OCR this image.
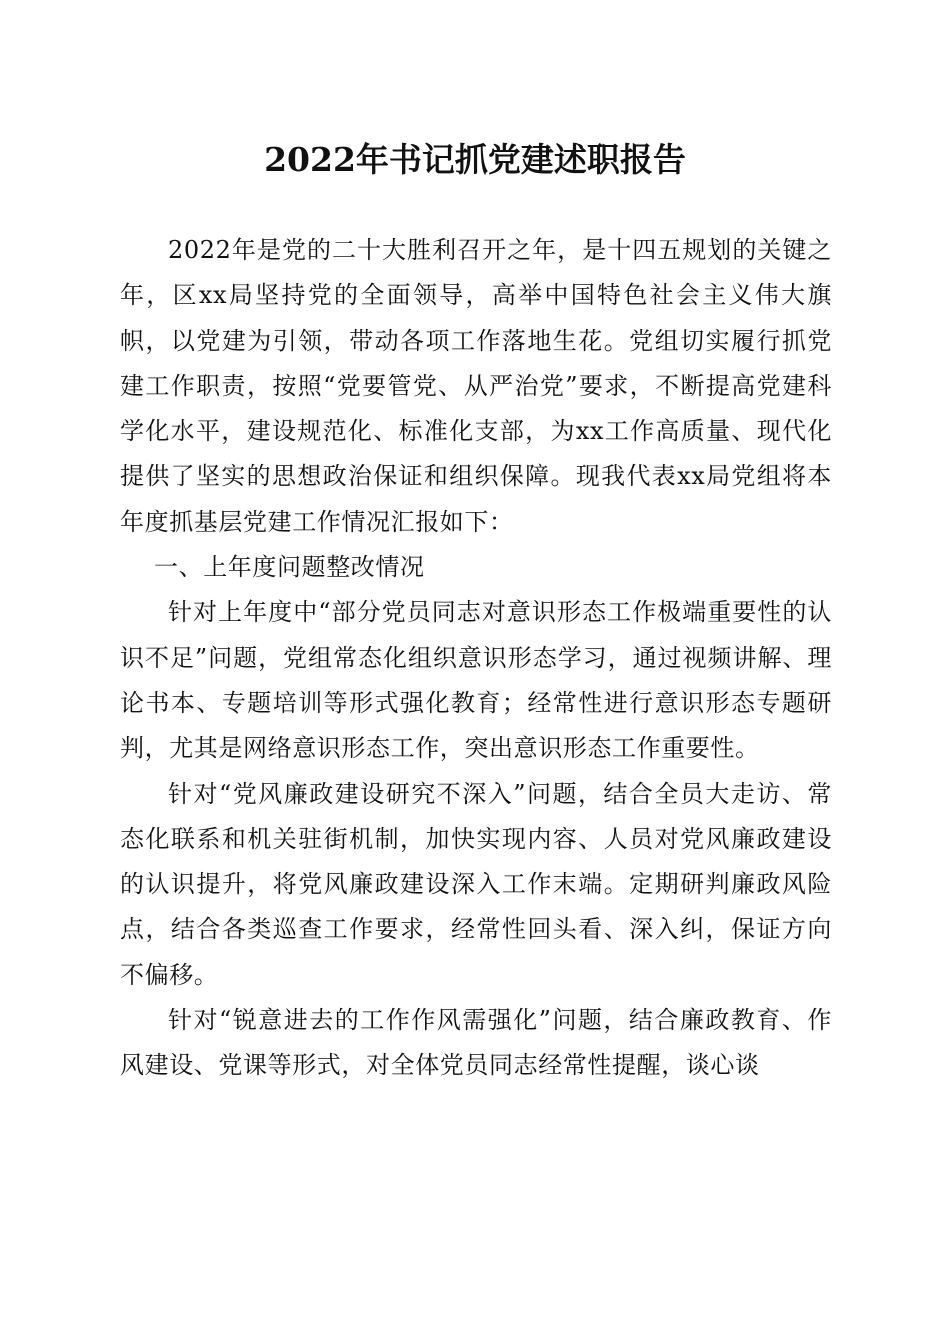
2022年书记抓党建述职报告

2022年是党的二十大胜利召开之年，是十四五规划的关键之年，区xx局坚持党的全面领导，高举中国特色社会主义伟大旗帜，以党建为引领，带动各项工作落地生花。党组切实履行抓党建工作职责，按照“党要管党、从严治党”要求，不断提高党建科学化水平，建设规范化、标准化支部，为xx工作高质量、现代化提供了坚实的思想政治保证和组织保障。现我代表xx局党组将本年度抓基层党建工作情况汇报如下：

一、上年度问题整改情况

针对上年度中“部分党员同志对意识形态工作极端重要性的认识不足”问题，党组常态化组织意识形态学习，通过视频讲解、理论书本、专题培训等形式强化教育；经常性进行意识形态专题研判，尤其是网络意识形态工作，突出意识形态工作重要性。

针对“党风廉政建设研究不深入”问题，结合全员大走访、常态化联系和机关驻街机制，加快实现内容、人员对党风廉政建设的认识提升，将党风廉政建设深入工作末端。定期研判廉政风险点，结合各类巡查工作要求，经常性回头看、深入纠，保证方向不偏移。

针对“锐意进去的工作作风需强化”问题，结合廉政教育、作风建设、党课等形式，对全体党员同志经常性提醒，谈心谈
